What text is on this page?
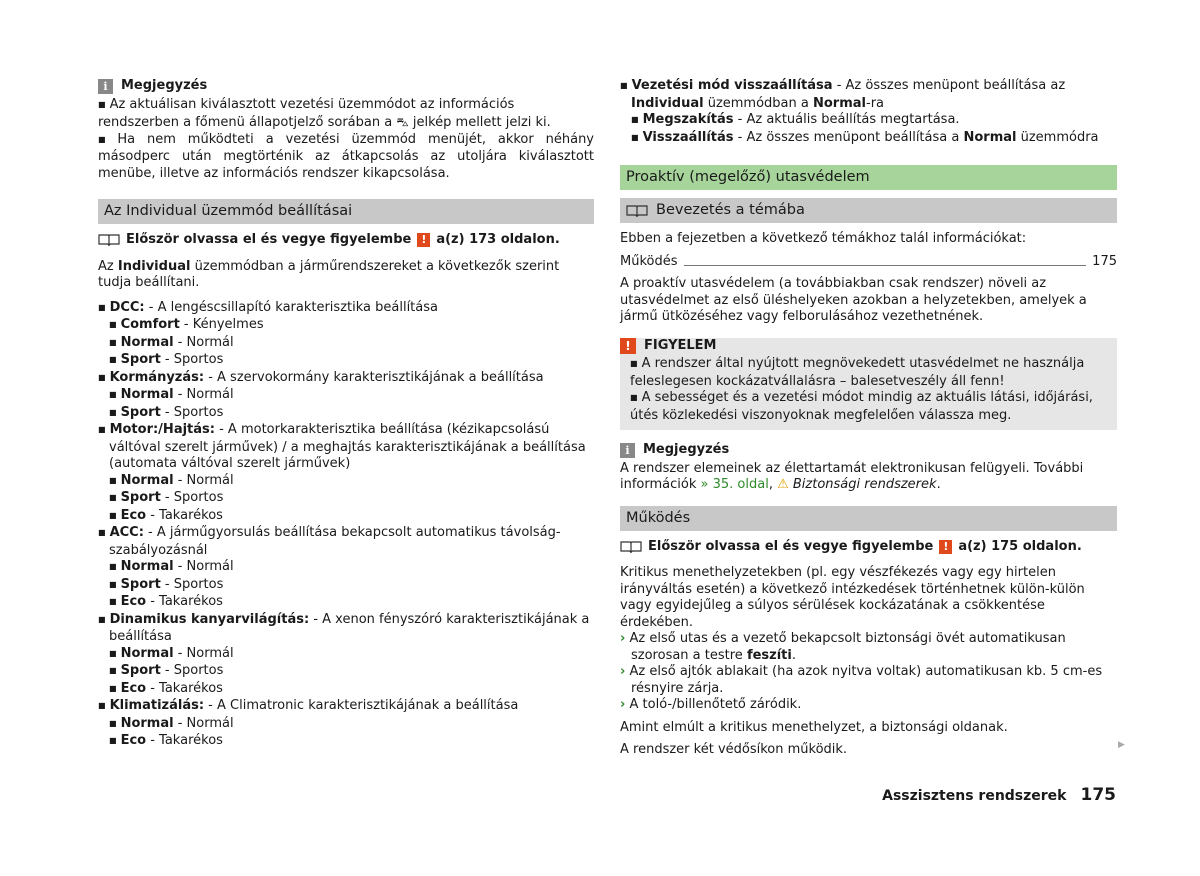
i	Megjegyzés

■ Az aktuálisan kiválasztott vezetési üzemmódot az információs rendszerben a főmenü állapotjelző sorában a ⛍ jelkép mellett jelzi ki.

■ Ha nem működteti a vezetési üzemmód menüjét, akkor néhány másodperc után megtörténik az átkapcsolás az utoljára kiválasztott menübe, illetve az információs rendszer kikapcsolása.

Az Individual üzemmód beállításai
Először olvassa el és vegye figyelembe ! a(z) 173 oldalon.

Az Individual üzemmódban a járműrendszereket a következők szerint tudja beállítani.

■ DCC: - A lengéscsillapító karakterisztika beállítása

■ Comfort - Kényelmes

■ Normal - Normál

■ Sport - Sportos

■ Kormányzás: - A szervokormány karakterisztikájának a beállítása

■ Normal - Normál

■ Sport - Sportos

■ Motor:/Hajtás: - A motorkarakterisztika beállítása (kézikapcsolású váltóval szerelt járművek) / a meghajtás karakterisztikájának a beállítása (automata váltóval szerelt járművek)

■ Normal - Normál

■ Sport - Sportos

■ Eco - Takarékos

■ ACC: - A járműgyorsulás beállítása bekapcsolt automatikus távolság-szabályozásnál

■ Normal - Normál

■ Sport - Sportos

■ Eco - Takarékos

■ Dinamikus kanyarvilágítás: - A xenon fényszóró karakterisztikájának a beállítása

■ Normal - Normál

■ Sport - Sportos

■ Eco - Takarékos

■ Klimatizálás: - A Climatronic karakterisztikájának a beállítása

■ Normal - Normál

■ Eco - Takarékos

■ Vezetési mód visszaállítása - Az összes menüpont beállítása az Individual üzemmódban a Normal-ra

■ Megszakítás - Az aktuális beállítás megtartása.

■ Visszaállítás - Az összes menüpont beállítása a Normal üzemmódra

Proaktív (megelőző) utasvédelem
Bevezetés a témába

Ebben a fejezetben a következő témákhoz talál információkat:

Működés	175

A proaktív utasvédelem (a továbbiakban csak rendszer) növeli az utasvédelmet az első üléshelyeken azokban a helyzetekben, amelyek a jármű ütközéséhez vagy felborulásához vezethetnének.

!	FIGYELEM

■ A rendszer által nyújtott megnövekedett utasvédelmet ne használja feleslegesen kockázatvállalásra – balesetveszély áll fenn!

■ A sebességet és a vezetési módot mindig az aktuális látási, időjárási, útés közlekedési viszonyoknak megfelelően válassza meg.

i	Megjegyzés

A rendszer elemeinek az élettartamát elektronikusan felügyeli. További információk » 35. oldal, ⚠ Biztonsági rendszerek.

Működés
Először olvassa el és vegye figyelembe ! a(z) 175 oldalon.

Kritikus menethelyzetekben (pl. egy vészfékezés vagy egy hirtelen irányváltás esetén) a következő intézkedések történhetnek külön-külön vagy egyidejűleg a súlyos sérülések kockázatának a csökkentése érdekében.

› Az első utas és a vezető bekapcsolt biztonsági övét automatikusan szorosan a testre feszíti.

› Az első ajtók ablakait (ha azok nyitva voltak) automatikusan kb. 5 cm-es résnyire zárja.

› A toló-/billenőtető záródik.

Amint elmúlt a kritikus menethelyzet, a biztonsági oldanak.

A rendszer két védősíkon működik.	▶
Asszisztens rendszerek 175
